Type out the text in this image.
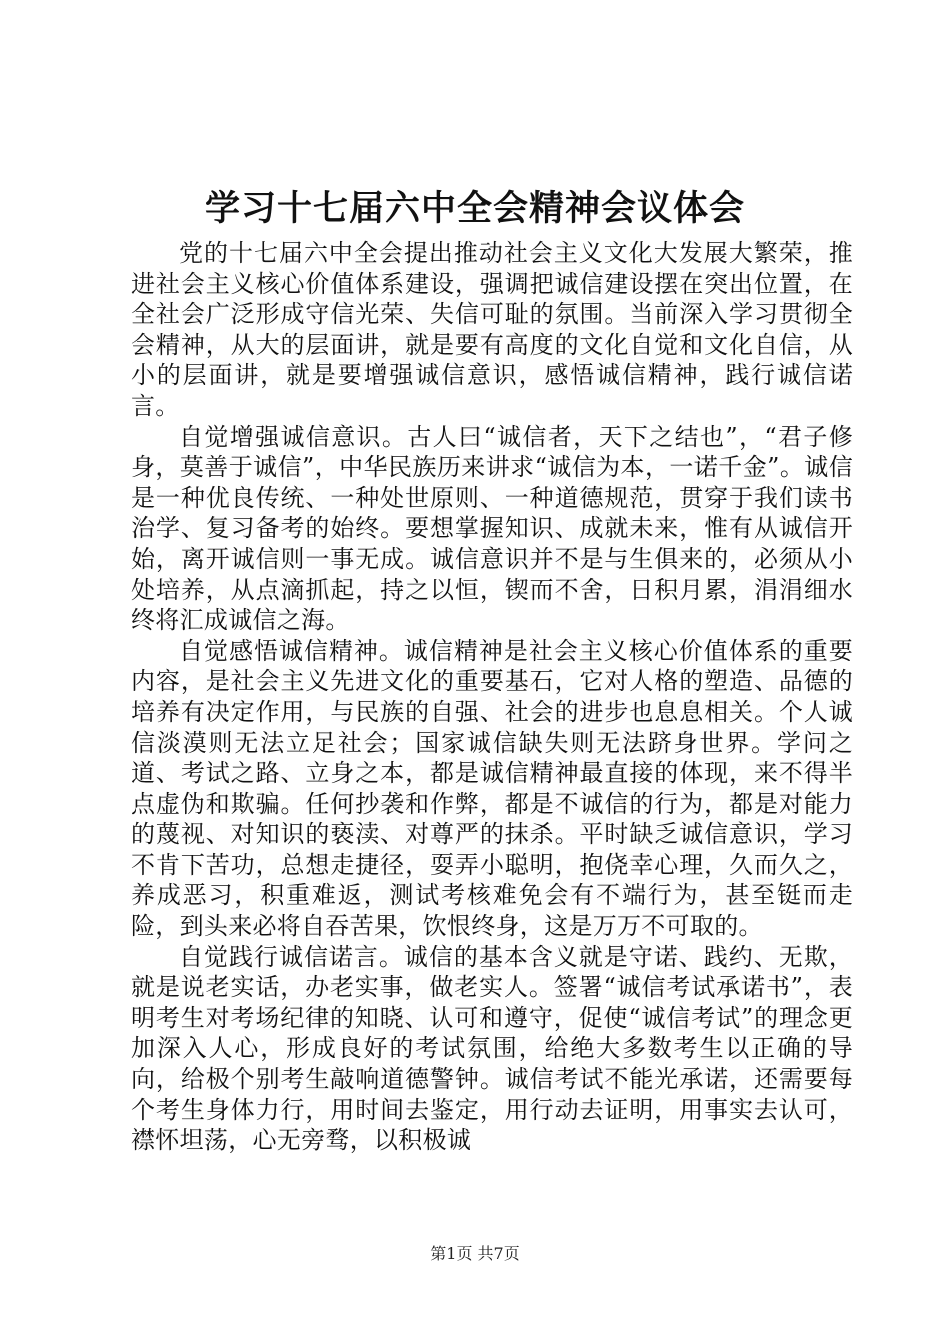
学习十七届六中全会精神会议体会

党的十七届六中全会提出推动社会主义文化大发展大繁荣，推进社会主义核心价值体系建设，强调把诚信建设摆在突出位置，在全社会广泛形成守信光荣、失信可耻的氛围。当前深入学习贯彻全会精神，从大的层面讲，就是要有高度的文化自觉和文化自信，从小的层面讲，就是要增强诚信意识，感悟诚信精神，践行诚信诺言。

自觉增强诚信意识。古人曰“诚信者，天下之结也”，“君子修身，莫善于诚信”，中华民族历来讲求“诚信为本，一诺千金”。诚信是一种优良传统、一种处世原则、一种道德规范，贯穿于我们读书治学、复习备考的始终。要想掌握知识、成就未来，惟有从诚信开始，离开诚信则一事无成。诚信意识并不是与生俱来的，必须从小处培养，从点滴抓起，持之以恒，锲而不舍，日积月累，涓涓细水终将汇成诚信之海。

自觉感悟诚信精神。诚信精神是社会主义核心价值体系的重要内容，是社会主义先进文化的重要基石，它对人格的塑造、品德的培养有决定作用，与民族的自强、社会的进步也息息相关。个人诚信淡漠则无法立足社会；国家诚信缺失则无法跻身世界。学问之道、考试之路、立身之本，都是诚信精神最直接的体现，来不得半点虚伪和欺骗。任何抄袭和作弊，都是不诚信的行为，都是对能力的蔑视、对知识的亵渎、对尊严的抹杀。平时缺乏诚信意识，学习不肯下苦功，总想走捷径，耍弄小聪明，抱侥幸心理，久而久之，养成恶习，积重难返，测试考核难免会有不端行为，甚至铤而走险，到头来必将自吞苦果，饮恨终身，这是万万不可取的。

自觉践行诚信诺言。诚信的基本含义就是守诺、践约、无欺，就是说老实话，办老实事，做老实人。签署“诚信考试承诺书”，表明考生对考场纪律的知晓、认可和遵守，促使“诚信考试”的理念更加深入人心，形成良好的考试氛围，给绝大多数考生以正确的导向，给极个别考生敲响道德警钟。诚信考试不能光承诺，还需要每个考生身体力行，用时间去鉴定，用行动去证明，用事实去认可，襟怀坦荡，心无旁骛，以积极诚

第1页 共7页
